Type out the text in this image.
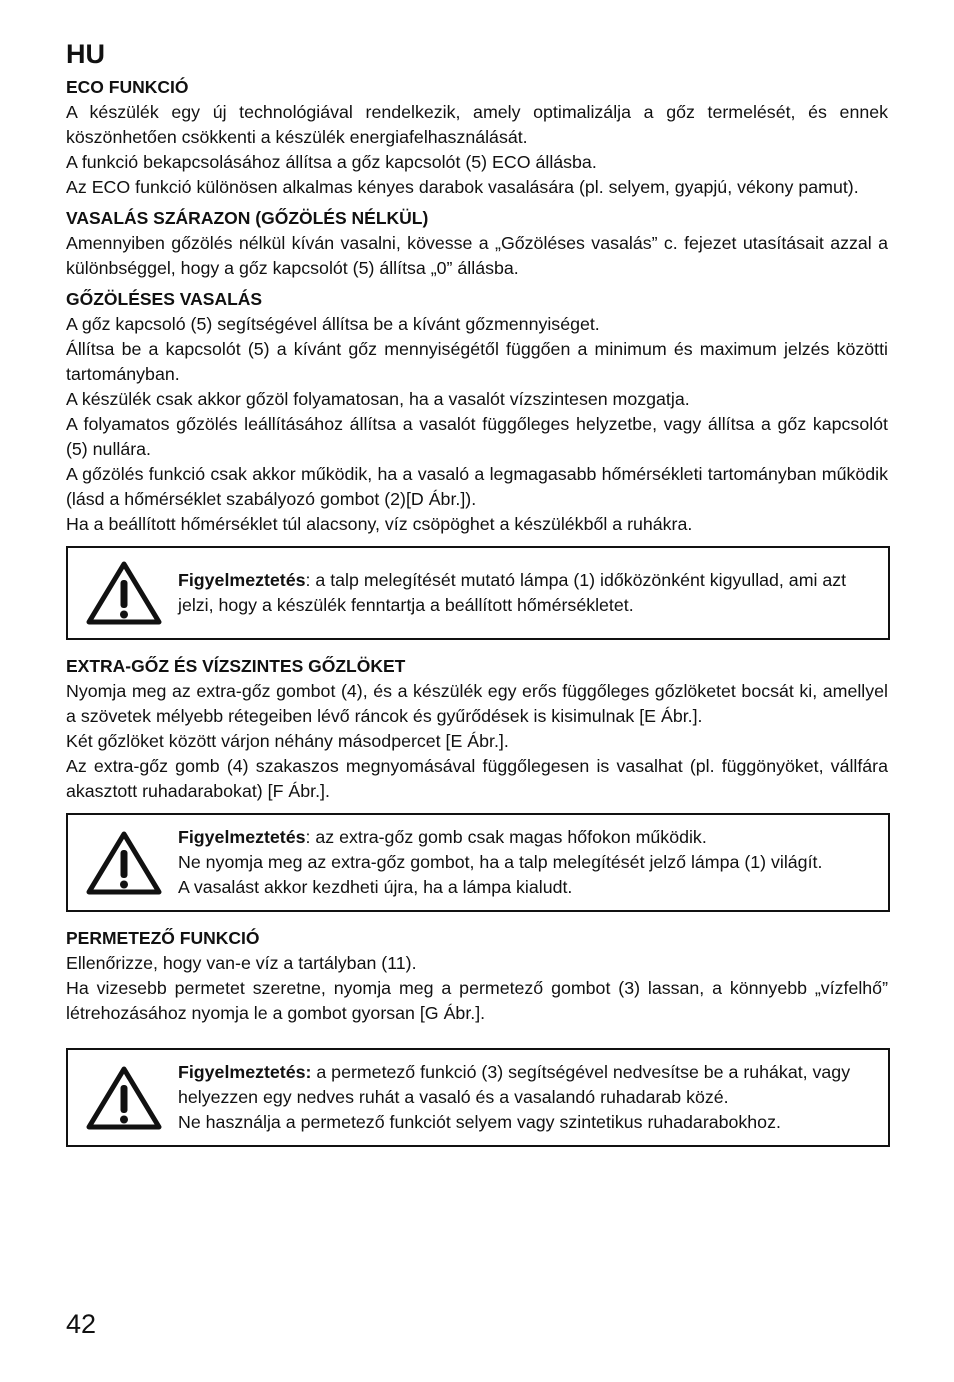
HU
ECO FUNKCIÓ

A készülék egy új technológiával rendelkezik, amely optimalizálja a gőz termelését, és ennek köszönhetően csökkenti a készülék energiafelhasználását.

A funkció bekapcsolásához állítsa a gőz kapcsolót (5) ECO állásba.

Az ECO funkció különösen alkalmas kényes darabok vasalására (pl. selyem, gyapjú, vékony pamut).

VASALÁS SZÁRAZON (GŐZÖLÉS NÉLKÜL)

Amennyiben gőzölés nélkül kíván vasalni, kövesse a „Gőzöléses vasalás” c. fejezet utasításait azzal a különbséggel, hogy a gőz kapcsolót (5) állítsa „0” állásba.

GŐZÖLÉSES VASALÁS

A gőz kapcsoló (5) segítségével állítsa be a kívánt gőzmennyiséget.

Állítsa be a kapcsolót (5) a kívánt gőz mennyiségétől függően a minimum és maximum jelzés közötti tartományban.

A készülék csak akkor gőzöl folyamatosan, ha a vasalót vízszintesen mozgatja.

A folyamatos gőzölés leállításához állítsa a vasalót függőleges helyzetbe, vagy állítsa a gőz kapcsolót (5) nullára.

A gőzölés funkció csak akkor működik, ha a vasaló a legmagasabb hőmérsékleti tartományban működik (lásd a hőmérséklet szabályozó gombot (2)[D Ábr.]).

Ha a beállított hőmérséklet túl alacsony, víz csöpöghet a készülékből a ruhákra.

Figyelmeztetés: a talp melegítését mutató lámpa (1) időközönként kigyullad, ami azt jelzi, hogy a készülék fenntartja a beállított hőmérsékletet.
EXTRA-GŐZ ÉS VÍZSZINTES GŐZLÖKET

Nyomja meg az extra-gőz gombot (4), és a készülék egy erős függőleges gőzlöketet bocsát ki, amellyel a szövetek mélyebb rétegeiben lévő ráncok és gyűrődések is kisimulnak [E Ábr.].

Két gőzlöket között várjon néhány másodpercet [E Ábr.].

Az extra-gőz gomb (4) szakaszos megnyomásával függőlegesen is vasalhat (pl. függönyöket, vállfára akasztott ruhadarabokat) [F Ábr.].

Figyelmeztetés: az extra-gőz gomb csak magas hőfokon működik.
Ne nyomja meg az extra-gőz gombot, ha a talp melegítését jelző lámpa (1) világít.
A vasalást akkor kezdheti újra, ha a lámpa kialudt.
PERMETEZŐ FUNKCIÓ

Ellenőrizze, hogy van-e víz a tartályban (11).

Ha vizesebb permetet szeretne, nyomja meg a permetező gombot (3) lassan, a könnyebb „vízfelhő” létrehozásához nyomja le a gombot gyorsan [G Ábr.].

Figyelmeztetés: a permetező funkció (3) segítségével nedvesítse be a ruhákat, vagy helyezzen egy nedves ruhát a vasaló és a vasalandó ruhadarab közé.
Ne használja a permetező funkciót selyem vagy szintetikus ruhadarabokhoz.
42
